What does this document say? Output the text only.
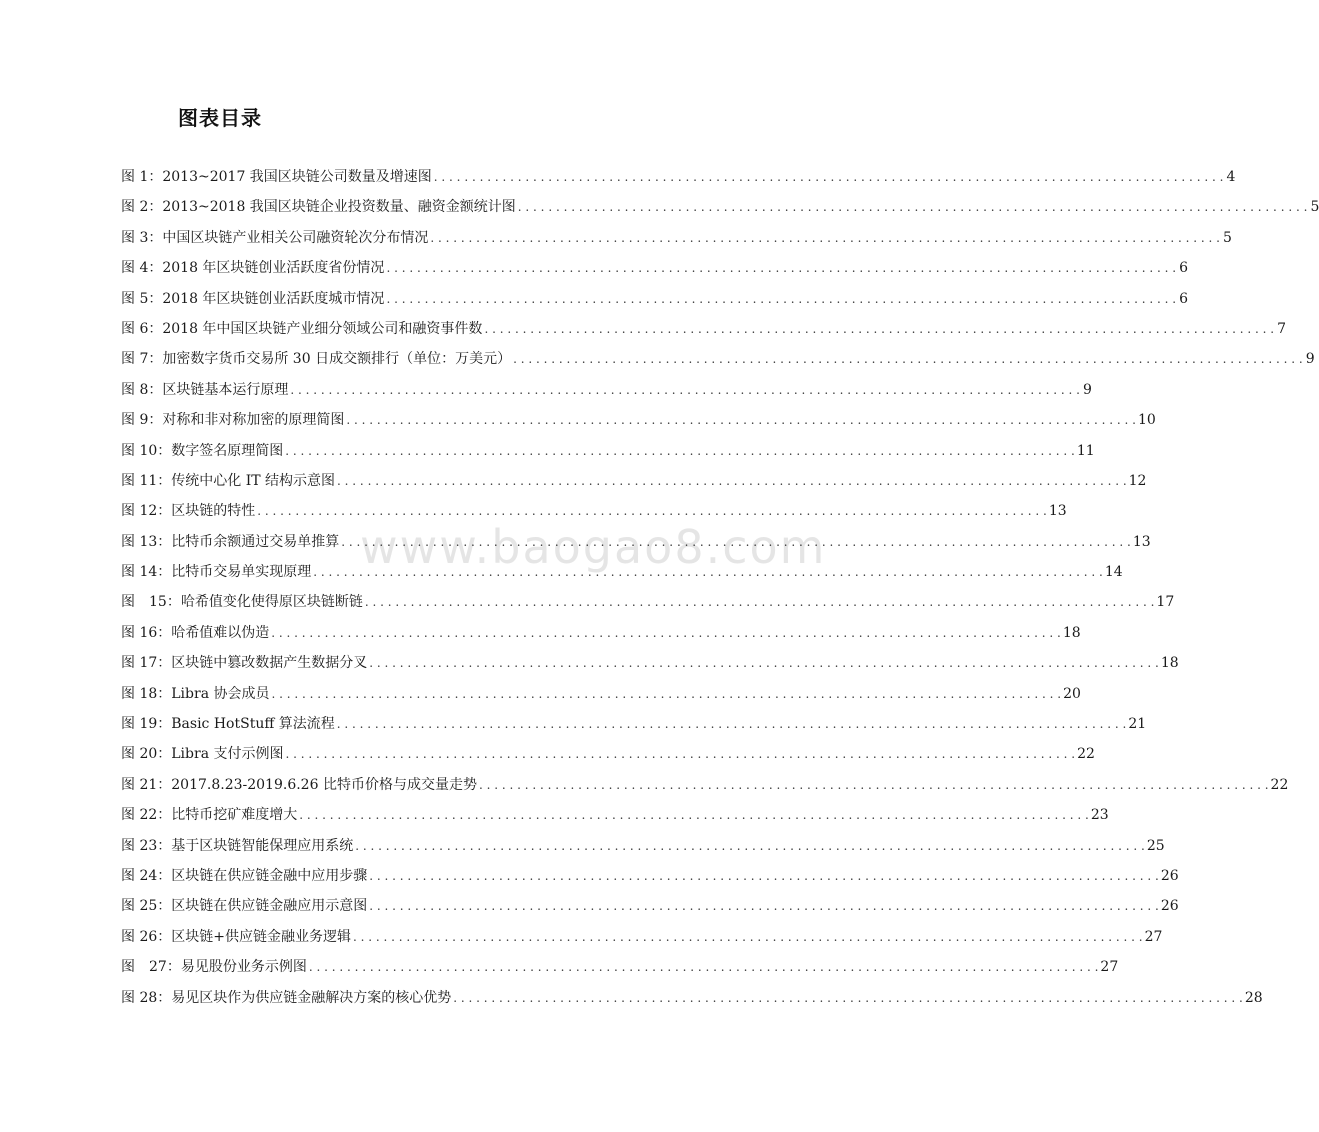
图表目录
www.baogao8.com
图 1：2013~2017 我国区块链公司数量及增速图 . . .	4
图 2：2013~2018 我国区块链企业投资数量、融资金额统计图 . . .	5
图 3：中国区块链产业相关公司融资轮次分布情况 . . .	5
图 4：2018 年区块链创业活跃度省份情况 . . .	6
图 5：2018 年区块链创业活跃度城市情况 . . .	6
图 6：2018 年中国区块链产业细分领域公司和融资事件数 . . .	7
图 7：加密数字货币交易所 30 日成交额排行（单位：万美元） . . .	9
图 8：区块链基本运行原理 . . .	9
图 9：对称和非对称加密的原理简图 . . .	10
图 10：数字签名原理简图 . . .	11
图 11：传统中心化 IT 结构示意图 . . .	12
图 12：区块链的特性 . . .	13
图 13：比特币余额通过交易单推算 . . .	13
图 14：比特币交易单实现原理 . . .	14
图　15：哈希值变化使得原区块链断链 . . .	17
图 16：哈希值难以伪造 . . .	18
图 17：区块链中篡改数据产生数据分叉 . . .	18
图 18：Libra 协会成员 . . .	20
图 19：Basic HotStuff 算法流程 . . .	21
图 20：Libra 支付示例图 . . .	22
图 21：2017.8.23-2019.6.26 比特币价格与成交量走势 . . .	22
图 22：比特币挖矿难度增大 . . .	23
图 23：基于区块链智能保理应用系统 . . .	25
图 24：区块链在供应链金融中应用步骤 . . .	26
图 25：区块链在供应链金融应用示意图 . . .	26
图 26：区块链+供应链金融业务逻辑 . . .	27
图　27：易见股份业务示例图 . . .	27
图 28：易见区块作为供应链金融解决方案的核心优势 . . .	28
